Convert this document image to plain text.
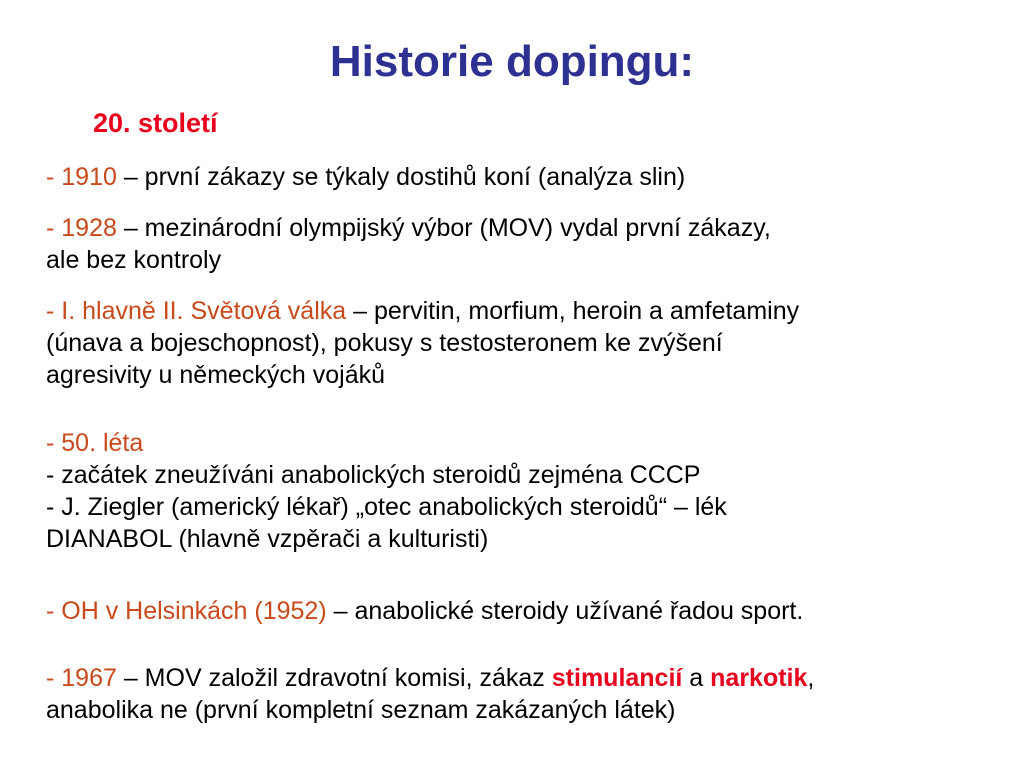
Historie dopingu:
20. století
- 1910 – první zákazy se týkaly dostihů koní (analýza slin)
- 1928 – mezinárodní olympijský výbor (MOV) vydal první zákazy,
ale bez kontroly
- I. hlavně II. Světová válka – pervitin, morfium, heroin a amfetaminy
(únava a bojeschopnost), pokusy s testosteronem ke zvýšení
agresivity u německých vojáků
- 50. léta
- začátek zneužíváni anabolických steroidů zejména CCCP
- J. Ziegler (americký lékař) „otec anabolických steroidů“ – lék
DIANABOL (hlavně vzpěrači a kulturisti)
- OH v Helsinkách (1952) – anabolické steroidy užívané řadou sport.
- 1967 – MOV založil zdravotní komisi, zákaz stimulancií a narkotik,
anabolika ne (první kompletní seznam zakázaných látek)
